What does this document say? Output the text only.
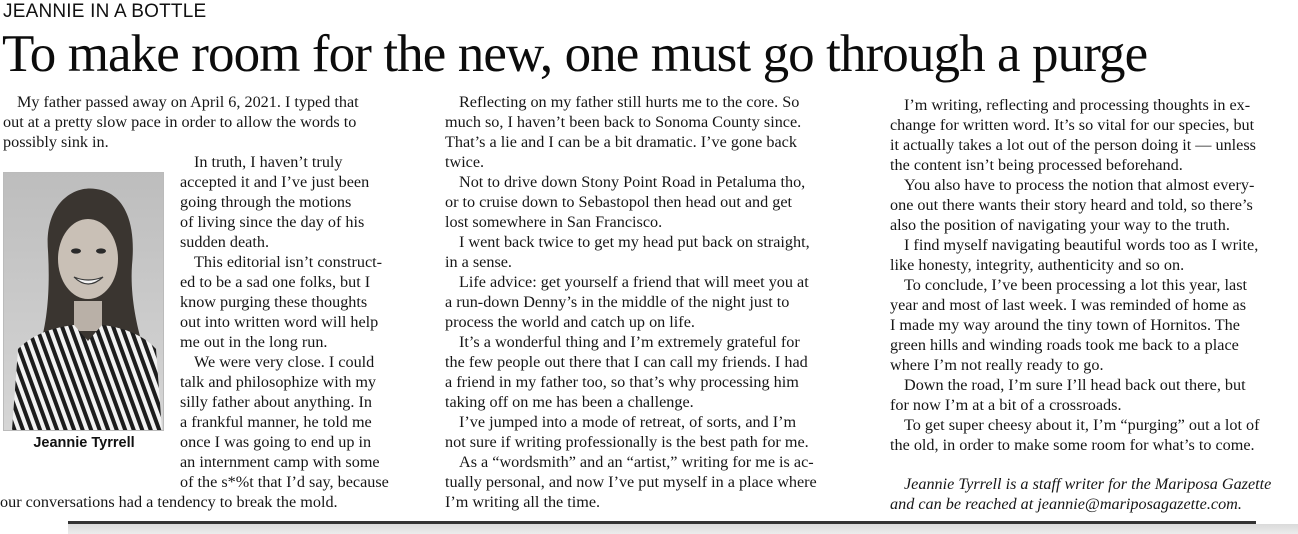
JEANNIE IN A BOTTLE
To make room for the new, one must go through a purge
My father passed away on April 6, 2021. I typed that
out at a pretty slow pace in order to allow the words to
possibly sink in.
In truth, I haven’t truly
accepted it and I’ve just been
going through the motions
of living since the day of his
sudden death.
This editorial isn’t construct-
ed to be a sad one folks, but I
know purging these thoughts
out into written word will help
me out in the long run.
We were very close. I could
talk and philosophize with my
silly father about anything. In
a frankful manner, he told me
once I was going to end up in
an internment camp with some
of the s*%t that I’d say, because
our conversations had a tendency to break the mold.
Jeannie Tyrrell
Reflecting on my father still hurts me to the core. So
much so, I haven’t been back to Sonoma County since.
That’s a lie and I can be a bit dramatic. I’ve gone back
twice.
Not to drive down Stony Point Road in Petaluma tho,
or to cruise down to Sebastopol then head out and get
lost somewhere in San Francisco.
I went back twice to get my head put back on straight,
in a sense.
Life advice: get yourself a friend that will meet you at
a run-down Denny’s in the middle of the night just to
process the world and catch up on life.
It’s a wonderful thing and I’m extremely grateful for
the few people out there that I can call my friends. I had
a friend in my father too, so that’s why processing him
taking off on me has been a challenge.
I’ve jumped into a mode of retreat, of sorts, and I’m
not sure if writing professionally is the best path for me.
As a “wordsmith” and an “artist,” writing for me is ac-
tually personal, and now I’ve put myself in a place where
I’m writing all the time.
I’m writing, reflecting and processing thoughts in ex-
change for written word. It’s so vital for our species, but
it actually takes a lot out of the person doing it — unless
the content isn’t being processed beforehand.
You also have to process the notion that almost every-
one out there wants their story heard and told, so there’s
also the position of navigating your way to the truth.
I find myself navigating beautiful words too as I write,
like honesty, integrity, authenticity and so on.
To conclude, I’ve been processing a lot this year, last
year and most of last week. I was reminded of home as
I made my way around the tiny town of Hornitos. The
green hills and winding roads took me back to a place
where I’m not really ready to go.
Down the road, I’m sure I’ll head back out there, but
for now I’m at a bit of a crossroads.
To get super cheesy about it, I’m “purging” out a lot of
the old, in order to make some room for what’s to come.
Jeannie Tyrrell is a staff writer for the Mariposa Gazette
and can be reached at jeannie@mariposagazette.com.
